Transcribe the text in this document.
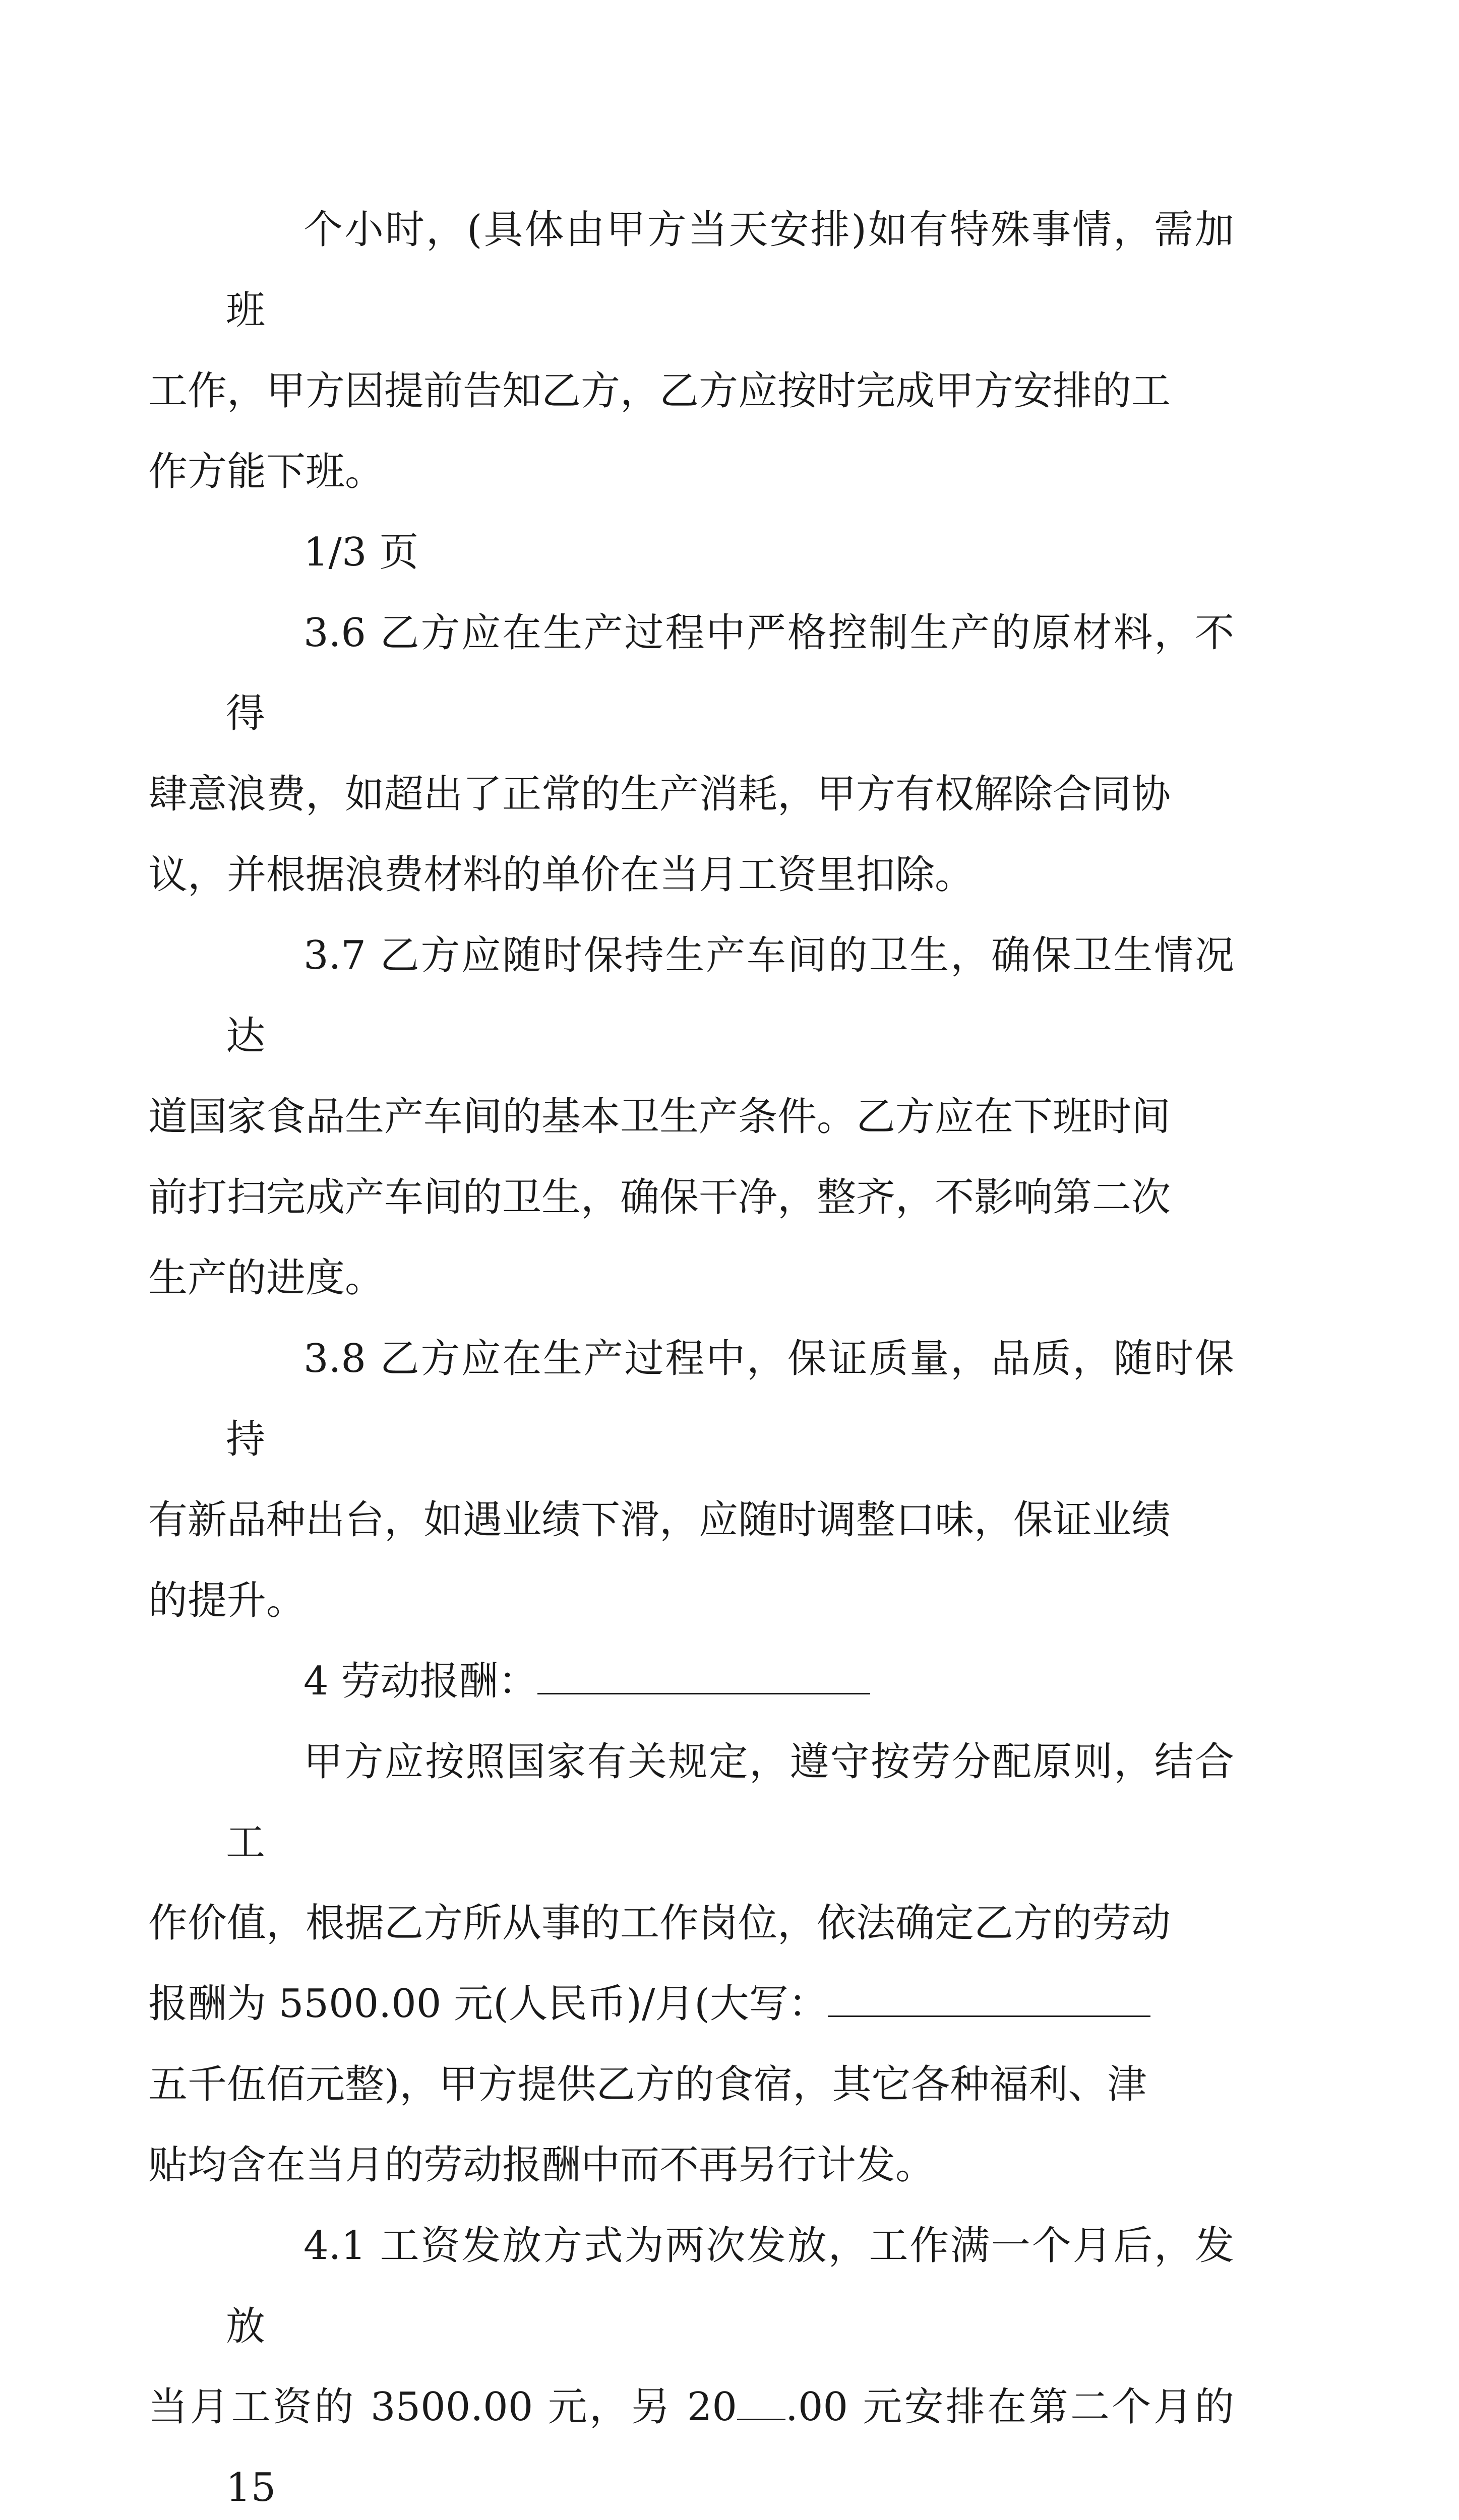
个小时，(具体由甲方当天安排)如有特殊事情，需加班
工作，甲方因提前告知乙方，乙方应按时完成甲方安排的工
作方能下班。

1/3 页

3.6 乙方应在生产过程中严格控制生产的原材料，不得
肆意浪费，如超出了正常的生产消耗，甲方有权解除合同协
议，并根据浪费材料的单价在当月工资里扣除。

3.7 乙方应随时保持生产车间的卫生，确保卫生情况达
道国家食品生产车间的基本卫生产条件。乙方应在下班时间
前打扫完成产车间的卫生，确保干净，整齐，不影响第二次
生产的进度。

3.8 乙方应在生产过程中，保证质量，品质，随时保持
有新品种出台，如遇业绩下滑，应随时调整口味，保证业绩
的提升。

4 劳动报酬：

甲方应按照国家有关规定，遵守按劳分配原则，结合工
作价值，根据乙方所从事的工作岗位，依法确定乙方的劳动
报酬为 5500.00 元(人民币)/月(大写：
五千伍佰元整)，甲方提供乙方的食宿，其它各种福利、津
贴均含在当月的劳动报酬中而不再另行计发。

4.1 工资发放方式为两次发放，工作满一个月后，发放
当月工资的 3500.00 元，另 20 .00 元安排在第二个月的 15
